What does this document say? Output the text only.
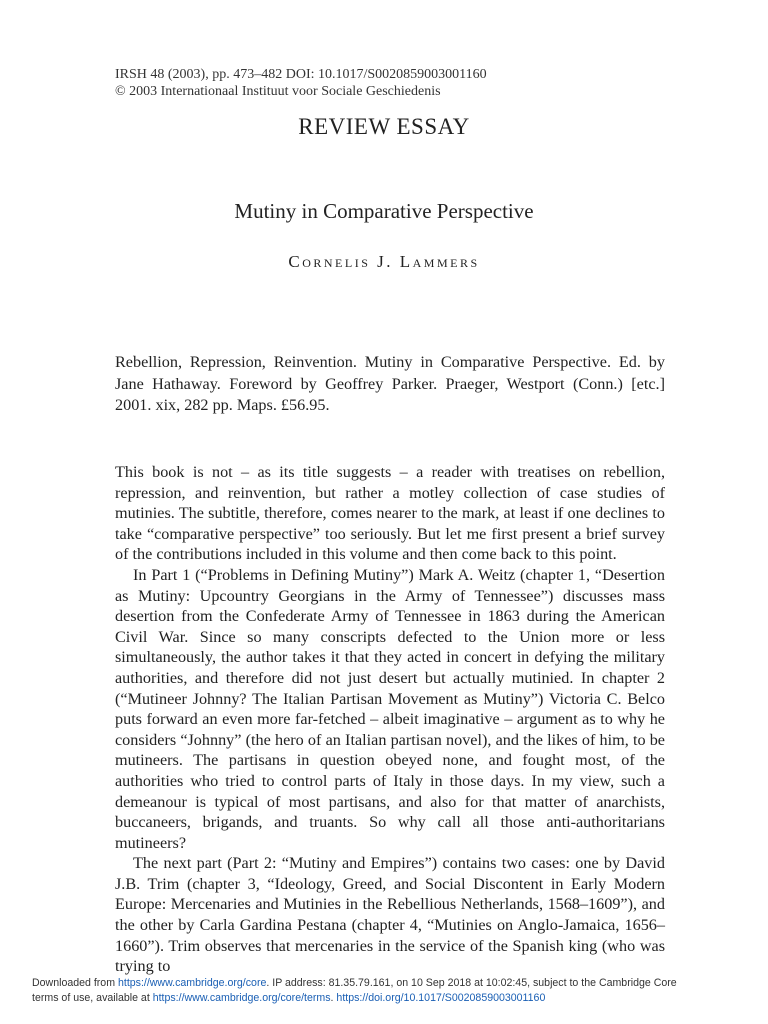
IRSH 48 (2003), pp. 473–482 DOI: 10.1017/S0020859003001160
© 2003 Internationaal Instituut voor Sociale Geschiedenis
REVIEW ESSAY
Mutiny in Comparative Perspective
Cornelis J. Lammers
Rebellion, Repression, Reinvention. Mutiny in Comparative Perspective. Ed. by Jane Hathaway. Foreword by Geoffrey Parker. Praeger, Westport (Conn.) [etc.] 2001. xix, 282 pp. Maps. £56.95.

This book is not – as its title suggests – a reader with treatises on rebellion, repression, and reinvention, but rather a motley collection of case studies of mutinies. The subtitle, therefore, comes nearer to the mark, at least if one declines to take “comparative perspective” too seriously. But let me first present a brief survey of the contributions included in this volume and then come back to this point.

In Part 1 (“Problems in Defining Mutiny”) Mark A. Weitz (chapter 1, “Desertion as Mutiny: Upcountry Georgians in the Army of Tennessee”) discusses mass desertion from the Confederate Army of Tennessee in 1863 during the American Civil War. Since so many conscripts defected to the Union more or less simultaneously, the author takes it that they acted in concert in defying the military authorities, and therefore did not just desert but actually mutinied. In chapter 2 (“Mutineer Johnny? The Italian Partisan Movement as Mutiny”) Victoria C. Belco puts forward an even more far-fetched – albeit imaginative – argument as to why he considers “Johnny” (the hero of an Italian partisan novel), and the likes of him, to be mutineers. The partisans in question obeyed none, and fought most, of the authorities who tried to control parts of Italy in those days. In my view, such a demeanour is typical of most partisans, and also for that matter of anarchists, buccaneers, brigands, and truants. So why call all those anti-authoritarians mutineers?

The next part (Part 2: “Mutiny and Empires”) contains two cases: one by David J.B. Trim (chapter 3, “Ideology, Greed, and Social Discontent in Early Modern Europe: Mercenaries and Mutinies in the Rebellious Netherlands, 1568–1609”), and the other by Carla Gardina Pestana (chapter 4, “Mutinies on Anglo-Jamaica, 1656–1660”). Trim observes that mercenaries in the service of the Spanish king (who was trying to

Downloaded from https://www.cambridge.org/core. IP address: 81.35.79.161, on 10 Sep 2018 at 10:02:45, subject to the Cambridge Core
terms of use, available at https://www.cambridge.org/core/terms. https://doi.org/10.1017/S0020859003001160
